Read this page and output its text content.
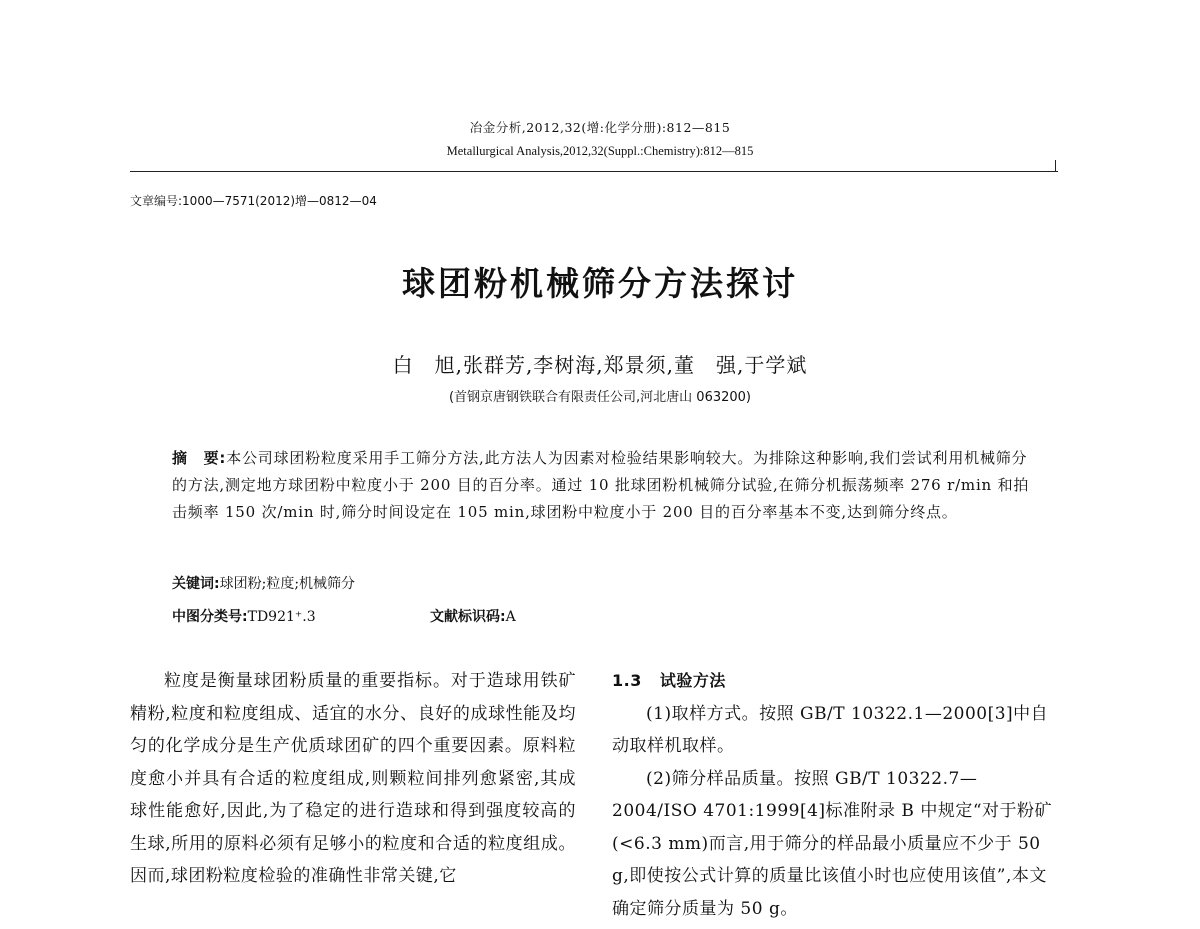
冶金分析,2012,32(增:化学分册):812—815
Metallurgical Analysis,2012,32(Suppl.:Chemistry):812—815
文章编号:1000—7571(2012)增—0812—04
球团粉机械筛分方法探讨
白　旭,张群芳,李树海,郑景须,董　强,于学斌
(首钢京唐钢铁联合有限责任公司,河北唐山 063200)
摘　要:本公司球团粉粒度采用手工筛分方法,此方法人为因素对检验结果影响较大。为排除这种影响,我们尝试利用机械筛分的方法,测定地方球团粉中粒度小于 200 目的百分率。通过 10 批球团粉机械筛分试验,在筛分机振荡频率 276 r/min 和拍击频率 150 次/min 时,筛分时间设定在 105 min,球团粉中粒度小于 200 目的百分率基本不变,达到筛分终点。
关键词:球团粉;粒度;机械筛分
中图分类号:TD921⁺.3	文献标识码:A
粒度是衡量球团粉质量的重要指标。对于造球用铁矿精粉,粒度和粒度组成、适宜的水分、良好的成球性能及均匀的化学成分是生产优质球团矿的四个重要因素。原料粒度愈小并具有合适的粒度组成,则颗粒间排列愈紧密,其成球性能愈好,因此,为了稳定的进行造球和得到强度较高的生球,所用的原料必须有足够小的粒度和合适的粒度组成。因而,球团粉粒度检验的准确性非常关键,它
1.3 试验方法

(1)取样方式。按照 GB/T 10322.1—2000[3]中自动取样机取样。

(2)筛分样品质量。按照 GB/T 10322.7—2004/ISO 4701:1999[4]标准附录 B 中规定“对于粉矿(<6.3 mm)而言,用于筛分的样品最小质量应不少于 50 g,即使按公式计算的质量比该值小时也应使用该值”,本文确定筛分质量为 50 g。
